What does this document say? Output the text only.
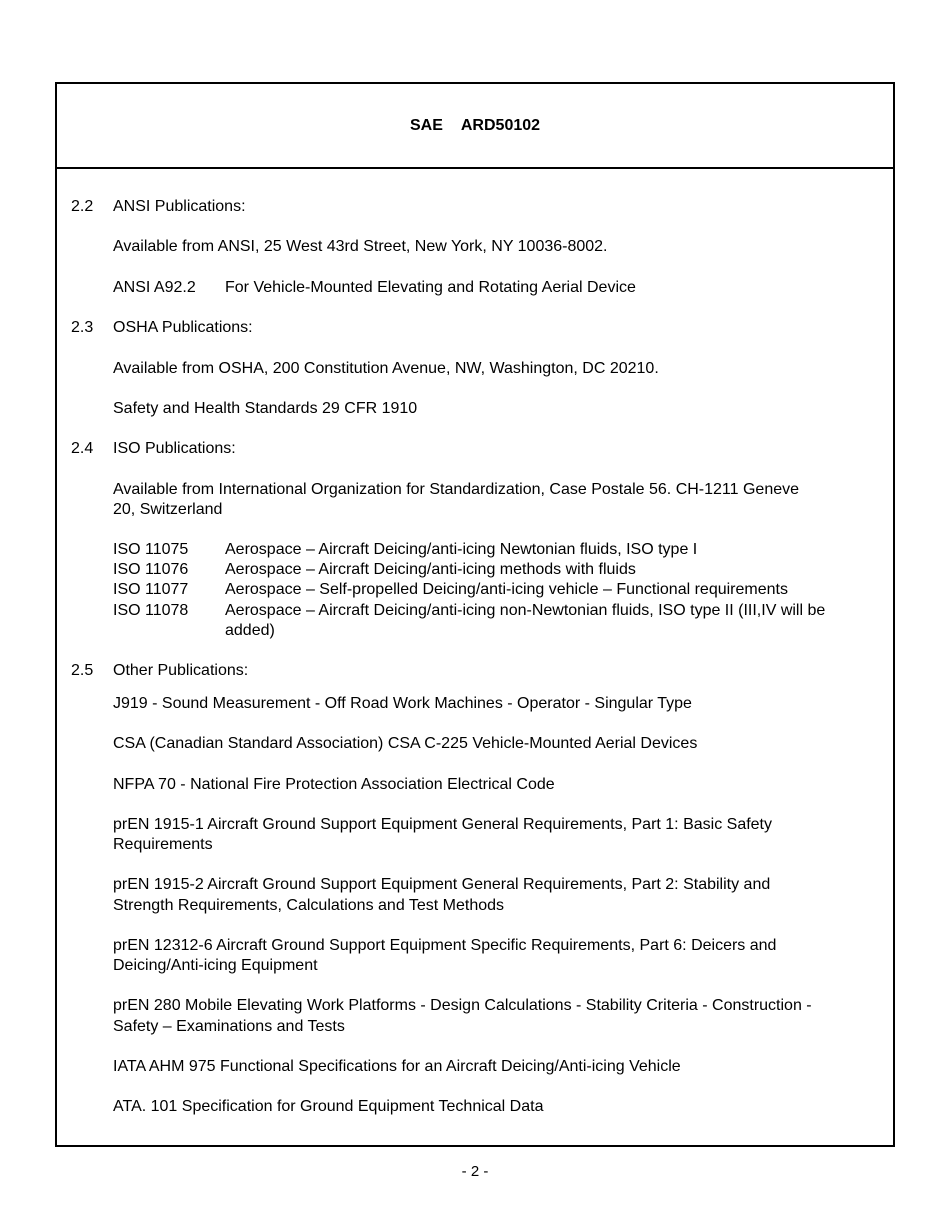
SAE ARD50102
2.2 ANSI Publications:
Available from ANSI, 25 West 43rd Street, New York, NY 10036-8002.
ANSI A92.2 For Vehicle-Mounted Elevating and Rotating Aerial Device
2.3 OSHA Publications:
Available from OSHA, 200 Constitution Avenue, NW, Washington, DC 20210.
Safety and Health Standards 29 CFR 1910
2.4 ISO Publications:
Available from International Organization for Standardization, Case Postale 56. CH-1211 Geneve
20, Switzerland
ISO 11075 Aerospace – Aircraft Deicing/anti-icing Newtonian fluids, ISO type I
ISO 11076 Aerospace – Aircraft Deicing/anti-icing methods with fluids
ISO 11077 Aerospace – Self-propelled Deicing/anti-icing vehicle – Functional requirements
ISO 11078 Aerospace – Aircraft Deicing/anti-icing non-Newtonian fluids, ISO type II (III,IV will be
added)
2.5 Other Publications:
J919 - Sound Measurement - Off Road Work Machines - Operator - Singular Type
CSA (Canadian Standard Association) CSA C-225 Vehicle-Mounted Aerial Devices
NFPA 70 - National Fire Protection Association Electrical Code
prEN 1915-1 Aircraft Ground Support Equipment General Requirements, Part 1: Basic Safety
Requirements
prEN 1915-2 Aircraft Ground Support Equipment General Requirements, Part 2: Stability and
Strength Requirements, Calculations and Test Methods
prEN 12312-6 Aircraft Ground Support Equipment Specific Requirements, Part 6: Deicers and
Deicing/Anti-icing Equipment
prEN 280 Mobile Elevating Work Platforms - Design Calculations - Stability Criteria - Construction -
Safety – Examinations and Tests
IATA AHM 975 Functional Specifications for an Aircraft Deicing/Anti-icing Vehicle
ATA. 101 Specification for Ground Equipment Technical Data
- 2 -
